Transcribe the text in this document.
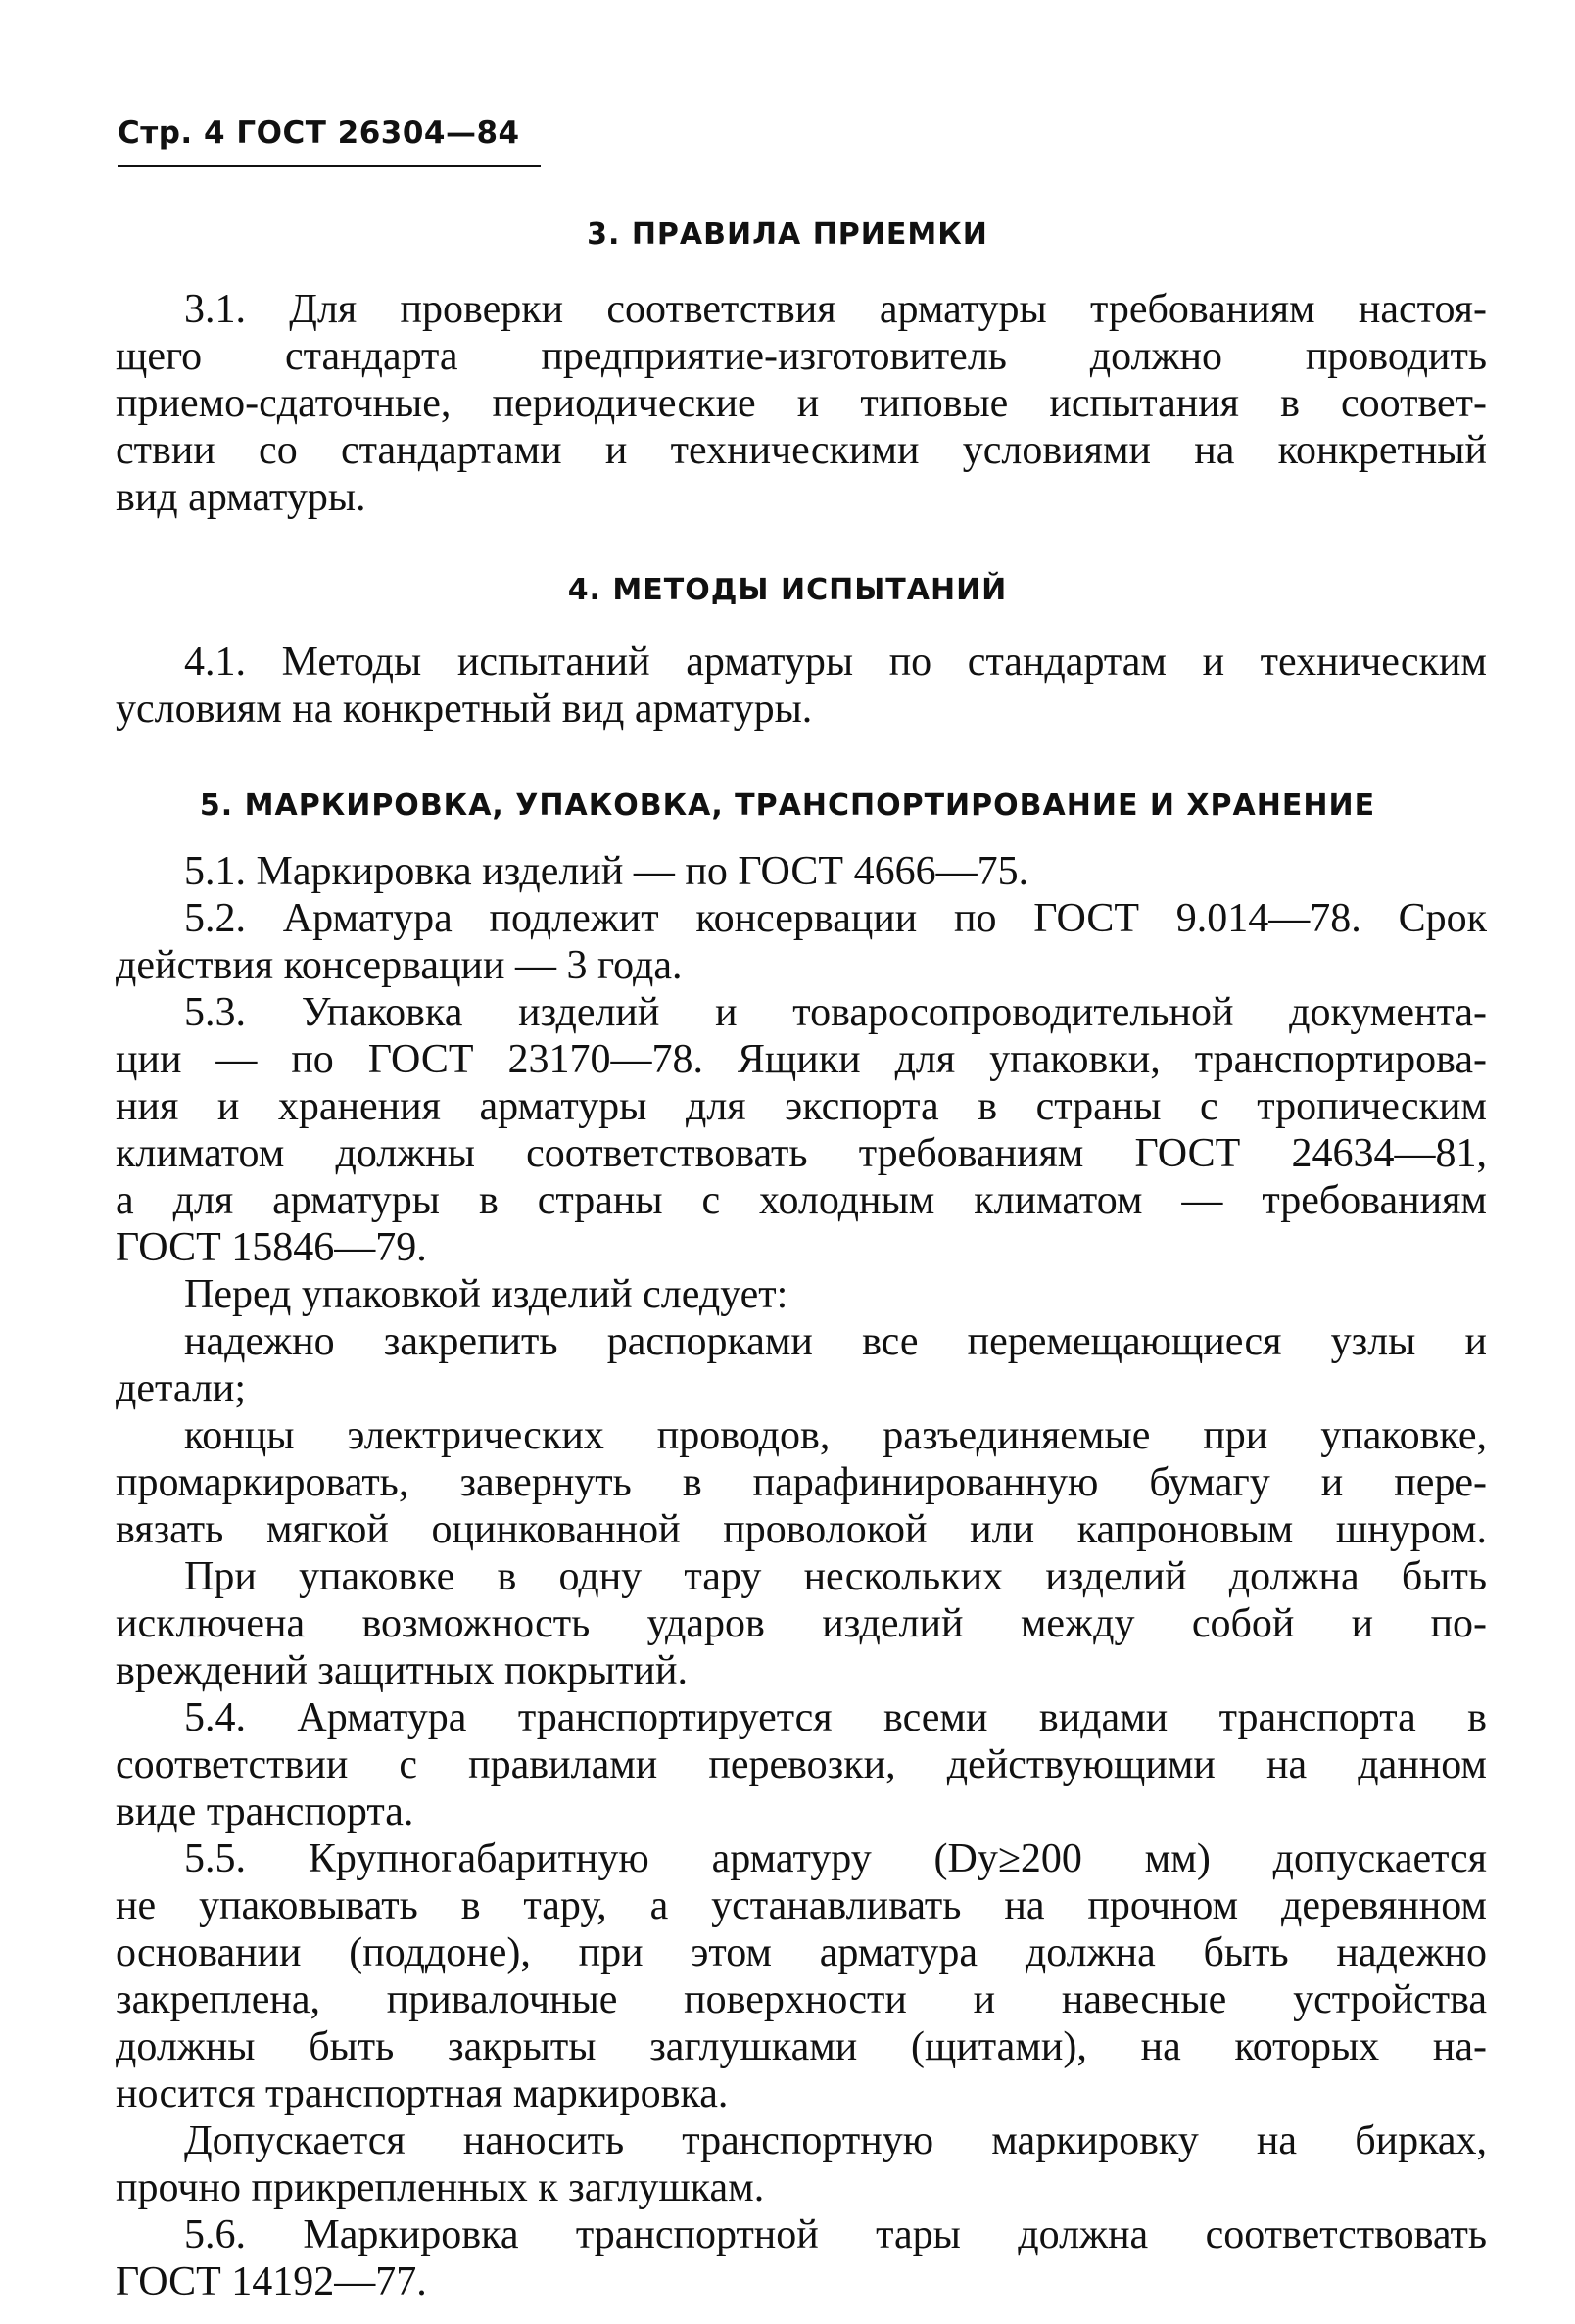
Стр. 4 ГОСТ 26304—84
3. ПРАВИЛА ПРИЕМКИ
3.1. Для проверки соответствия арматуры требованиям настоя-
щего стандарта предприятие-изготовитель должно проводить
приемо-сдаточные, периодические и типовые испытания в соответ-
ствии со стандартами и техническими условиями на конкретный
вид арматуры.
4. МЕТОДЫ ИСПЫТАНИЙ
4.1. Методы испытаний арматуры по стандартам и техническим
условиям на конкретный вид арматуры.
5. МАРКИРОВКА, УПАКОВКА, ТРАНСПОРТИРОВАНИЕ И ХРАНЕНИЕ
5.1. Маркировка изделий — по ГОСТ 4666—75.
5.2. Арматура подлежит консервации по ГОСТ 9.014—78. Срок
действия консервации — 3 года.
5.3. Упаковка изделий и товаросопроводительной документа-
ции — по ГОСТ 23170—78. Ящики для упаковки, транспортирова-
ния и хранения арматуры для экспорта в страны с тропическим
климатом должны соответствовать требованиям ГОСТ 24634—81,
а для арматуры в страны с холодным климатом — требованиям
ГОСТ 15846—79.
Перед упаковкой изделий следует:
надежно закрепить распорками все перемещающиеся узлы и
детали;
концы электрических проводов, разъединяемые при упаковке,
промаркировать, завернуть в парафинированную бумагу и пере-
вязать мягкой оцинкованной проволокой или капроновым шнуром.
При упаковке в одну тару нескольких изделий должна быть
исключена возможность ударов изделий между собой и по-
вреждений защитных покрытий.
5.4. Арматура транспортируется всеми видами транспорта в
соответствии с правилами перевозки, действующими на данном
виде транспорта.
5.5. Крупногабаритную арматуру (Dу≥200 мм) допускается
не упаковывать в тару, а устанавливать на прочном деревянном
основании (поддоне), при этом арматура должна быть надежно
закреплена, привалочные поверхности и навесные устройства
должны быть закрыты заглушками (щитами), на которых на-
носится транспортная маркировка.
Допускается наносить транспортную маркировку на бирках,
прочно прикрепленных к заглушкам.
5.6. Маркировка транспортной тары должна соответствовать
ГОСТ 14192—77.
